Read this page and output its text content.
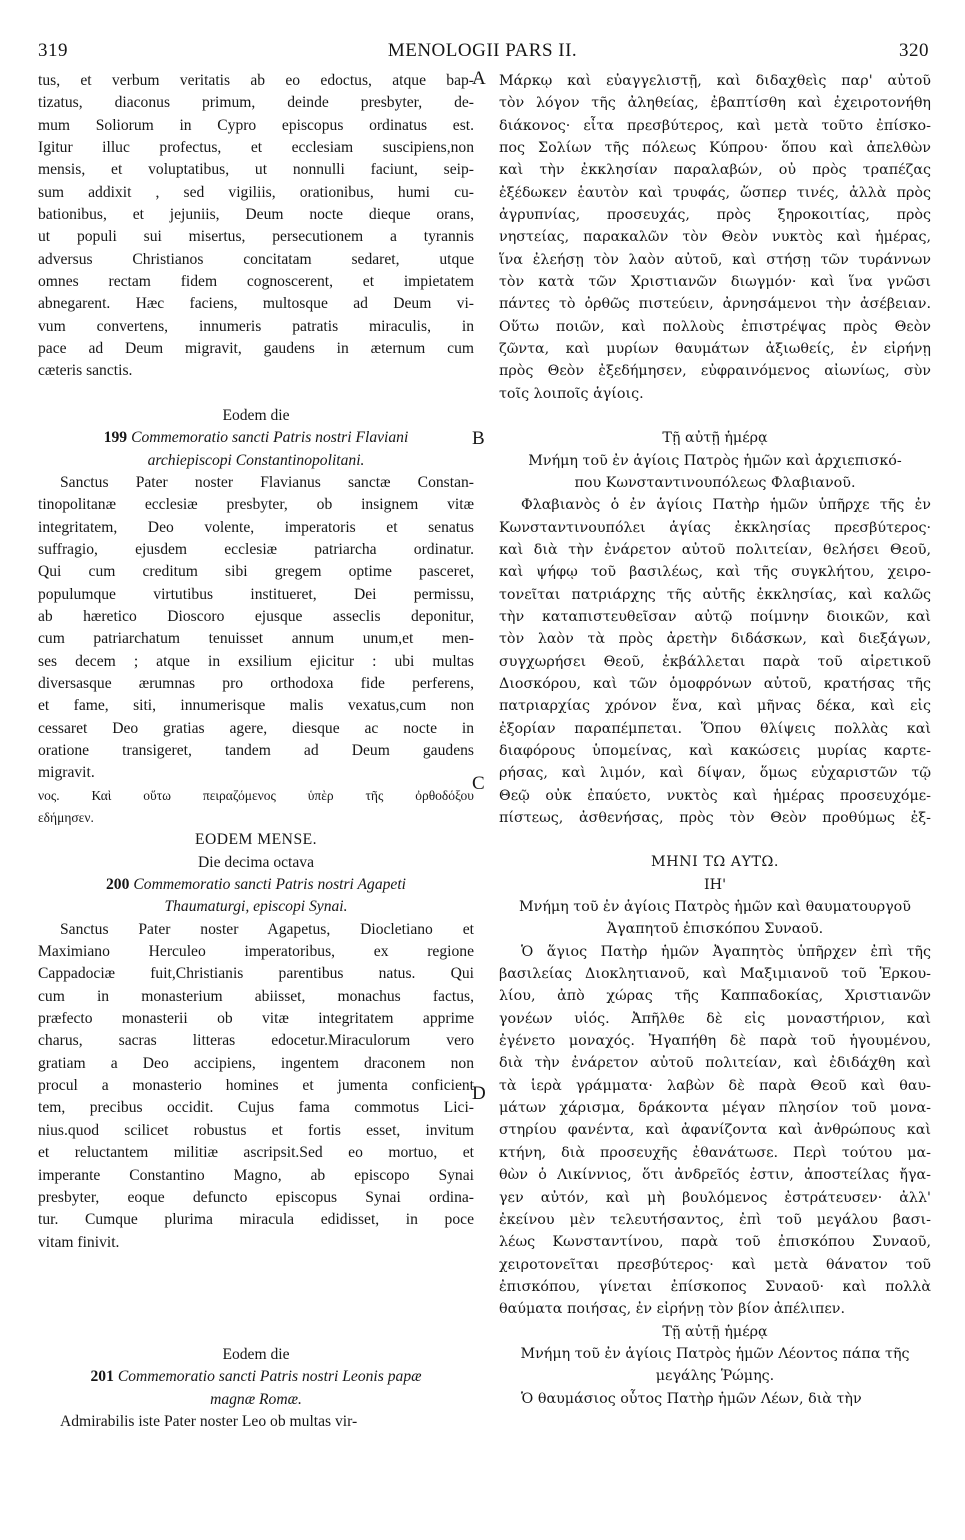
319	MENOLOGII PARS II.	320
A
B
C
D
tus, et verbum veritatis ab eo edoctus, atque bap-
tizatus, diaconus primum, deinde presbyter, de-
mum Soliorum in Cypro episcopus ordinatus est.
Igitur illuc profectus, et ecclesiam suscipiens,non
mensis, et voluptatibus, ut nonnulli faciunt, seip-
sum addixit , sed vigiliis, orationibus, humi cu-
bationibus, et jejuniis, Deum nocte dieque orans,
ut populi sui misertus, persecutionem a tyrannis
adversus Christianos concitatam sedaret, utque
omnes rectam fidem cognoscerent, et impietatem
abnegarent. Hæc faciens, multosque ad Deum vi-
vum convertens, innumeris patratis miraculis, in
pace ad Deum migravit, gaudens in æternum cum
cæteris sanctis.
Eodem die
199 Commemoratio sancti Patris nostri Flaviani
archiepiscopi Constantinopolitani.
Sanctus Pater noster Flavianus sanctæ Constan-
tinopolitanæ ecclesiæ presbyter, ob insignem vitæ
integritatem, Deo volente, imperatoris et senatus
suffragio, ejusdem ecclesiæ patriarcha ordinatur.
Qui cum creditum sibi gregem optime pasceret,
populumque virtutibus institueret, Dei permissu,
ab hæretico Dioscoro ejusque asseclis deponitur,
cum patriarchatum tenuisset annum unum,et men-
ses decem ; atque in exsilium ejicitur : ubi multas
diversasque ærumnas pro orthodoxa fide perferens,
et fame, siti, innumerisque malis vexatus,cum non
cessaret Deo gratias agere, diesque ac nocte in
oratione transigeret, tandem ad Deum gaudens
migravit.
νος. Καὶ οὕτω πειραζόμενος ὑπὲρ τῆς ὀρθοδόξου
εδήμησεν.
EODEM MENSE.
Die decima octava
200 Commemoratio sancti Patris nostri Agapeti
Thaumaturgi, episcopi Synai.
Sanctus Pater noster Agapetus, Diocletiano et
Maximiano Herculeo imperatoribus, ex regione
Cappadociæ fuit,Christianis parentibus natus. Qui
cum in monasterium abiisset, monachus factus,
præfecto monasterii ob vitæ integritatem apprime
charus, sacras litteras edocetur.Miraculorum vero
gratiam a Deo accipiens, ingentem draconem non
procul a monasterio homines et jumenta conficient
tem, precibus occidit. Cujus fama commotus Lici-
nius.quod scilicet robustus et fortis esset, invitum
et reluctantem militiæ ascripsit.Sed eo mortuo, et
imperante Constantino Magno, ab episcopo Synai
presbyter, eoque defuncto episcopus Synai ordina-
tur. Cumque plurima miracula edidisset, in poce
vitam finivit.
Eodem die
201 Commemoratio sancti Patris nostri Leonis papæ
magnæ Romæ.
Admirabilis iste Pater noster Leo ob multas vir-
Μάρκῳ καὶ εὐαγγελιστῇ, καὶ διδαχθεὶς παρ' αὐτοῦ
τὸν λόγον τῆς ἀληθείας, ἐβαπτίσθη καὶ ἐχειροτονήθη
διάκονος· εἶτα πρεσβύτερος, καὶ μετὰ τοῦτο ἐπίσκο-
πος Σολίων τῆς πόλεως Κύπρου· ὅπου καὶ ἀπελθὼν
καὶ τὴν ἐκκλησίαν παραλαβών, οὐ πρὸς τραπέζας
ἐξέδωκεν ἑαυτὸν καὶ τρυφάς, ὥσπερ τινές, ἀλλὰ πρὸς
ἀγρυπνίας, προσευχάς, πρὸς ξηροκοιτίας, πρὸς
νηστείας, παρακαλῶν τὸν Θεὸν νυκτὸς καὶ ἡμέρας,
ἵνα ἐλεήσῃ τὸν λαὸν αὐτοῦ, καὶ στήσῃ τῶν τυράννων
τὸν κατὰ τῶν Χριστιανῶν διωγμόν· καὶ ἵνα γνῶσι
πάντες τὸ ὀρθῶς πιστεύειν, ἀρνησάμενοι τὴν ἀσέβειαν.
Οὕτω ποιῶν, καὶ πολλοὺς ἐπιστρέψας πρὸς Θεὸν
ζῶντα, καὶ μυρίων θαυμάτων ἀξιωθείς, ἐν εἰρήνῃ
πρὸς Θεὸν ἐξεδήμησεν, εὐφραινόμενος αἰωνίως, σὺν
τοῖς λοιποῖς ἁγίοις.
Τῇ αὐτῇ ἡμέρᾳ
Μνήμη τοῦ ἐν ἁγίοις Πατρὸς ἡμῶν καὶ ἀρχιεπισκό-
που Κωνσταντινουπόλεως Φλαβιανοῦ.
Φλαβιανὸς ὁ ἐν ἁγίοις Πατὴρ ἡμῶν ὑπῆρχε τῆς ἐν
Κωνσταντινουπόλει ἁγίας ἐκκλησίας πρεσβύτερος·
καὶ διὰ τὴν ἐνάρετον αὐτοῦ πολιτείαν, θελήσει Θεοῦ,
καὶ ψήφῳ τοῦ βασιλέως, καὶ τῆς συγκλήτου, χειρο-
τονεῖται πατριάρχης τῆς αὐτῆς ἐκκλησίας, καὶ καλῶς
τὴν καταπιστευθεῖσαν αὐτῷ ποίμνην διοικῶν, καὶ
τὸν λαὸν τὰ πρὸς ἀρετὴν διδάσκων, καὶ διεξάγων,
συγχωρήσει Θεοῦ, ἐκβάλλεται παρὰ τοῦ αἱρετικοῦ
Διοσκόρου, καὶ τῶν ὁμοφρόνων αὐτοῦ, κρατήσας τῆς
πατριαρχίας χρόνον ἕνα, καὶ μῆνας δέκα, καὶ εἰς
ἐξορίαν παραπέμπεται. Ὅπου θλίψεις πολλὰς καὶ
διαφόρους ὑπομείνας, καὶ κακώσεις μυρίας καρτε-
ρήσας, καὶ λιμόν, καὶ δίψαν, ὅμως εὐχαριστῶν τῷ
Θεῷ οὐκ ἐπαύετο, νυκτὸς καὶ ἡμέρας προσευχόμε-
πίστεως, ἀσθενήσας, πρὸς τὸν Θεὸν προθύμως ἐξ-
ΜΗΝΙ ΤΩ ΑΥΤΩ.
ΙΗ'
Μνήμη τοῦ ἐν ἁγίοις Πατρὸς ἡμῶν καὶ θαυματουργοῦ
Ἀγαπητοῦ ἐπισκόπου Συναοῦ.
Ὁ ἅγιος Πατὴρ ἡμῶν Ἀγαπητὸς ὑπῆρχεν ἐπὶ τῆς
βασιλείας Διοκλητιανοῦ, καὶ Μαξιμιανοῦ τοῦ Ἑρκου-
λίου, ἀπὸ χώρας τῆς Καππαδοκίας, Χριστιανῶν
γονέων υἱός. Ἀπῆλθε δὲ εἰς μοναστήριον, καὶ
ἐγένετο μοναχός. Ἠγαπήθη δὲ παρὰ τοῦ ἡγουμένου,
διὰ τὴν ἐνάρετον αὐτοῦ πολιτείαν, καὶ ἐδιδάχθη καὶ
τὰ ἱερὰ γράμματα· λαβὼν δὲ παρὰ Θεοῦ καὶ θαυ-
μάτων χάρισμα, δράκοντα μέγαν πλησίον τοῦ μονα-
στηρίου φανέντα, καὶ ἀφανίζοντα καὶ ἀνθρώπους καὶ
κτήνη, διὰ προσευχῆς ἐθανάτωσε. Περὶ τούτου μα-
θὼν ὁ Λικίννιος, ὅτι ἀνδρεῖός ἐστιν, ἀποστείλας ἤγα-
γεν αὐτόν, καὶ μὴ βουλόμενος ἐστράτευσεν· ἀλλ'
ἐκείνου μὲν τελευτήσαντος, ἐπὶ τοῦ μεγάλου βασι-
λέως Κωνσταντίνου, παρὰ τοῦ ἐπισκόπου Συναοῦ,
χειροτονεῖται πρεσβύτερος· καὶ μετὰ θάνατον τοῦ
ἐπισκόπου, γίνεται ἐπίσκοπος Συναοῦ· καὶ πολλὰ
θαύματα ποιήσας, ἐν εἰρήνῃ τὸν βίον ἀπέλιπεν.
Τῇ αὐτῇ ἡμέρᾳ
Μνήμη τοῦ ἐν ἁγίοις Πατρὸς ἡμῶν Λέοντος πάπα τῆς
μεγάλης Ῥώμης.
Ὁ θαυμάσιος οὗτος Πατὴρ ἡμῶν Λέων, διὰ τὴν
